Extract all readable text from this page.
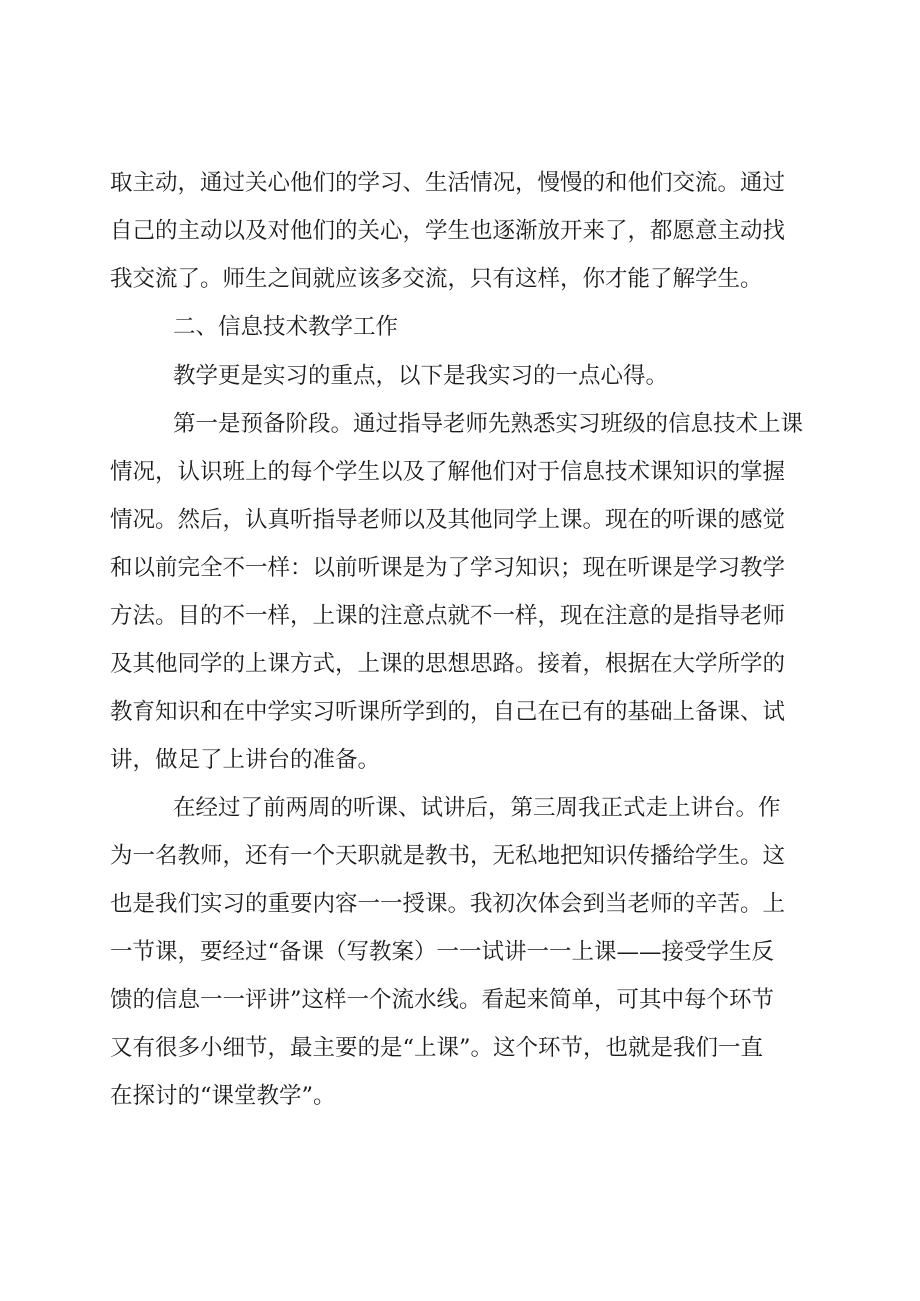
取主动，通过关心他们的学习、生活情况，慢慢的和他们交流。通过
自己的主动以及对他们的关心，学生也逐渐放开来了，都愿意主动找
我交流了。师生之间就应该多交流，只有这样，你才能了解学生。
二、信息技术教学工作
教学更是实习的重点，以下是我实习的一点心得。
第一是预备阶段。通过指导老师先熟悉实习班级的信息技术上课
情况，认识班上的每个学生以及了解他们对于信息技术课知识的掌握
情况。然后，认真听指导老师以及其他同学上课。现在的听课的感觉
和以前完全不一样：以前听课是为了学习知识；现在听课是学习教学
方法。目的不一样，上课的注意点就不一样，现在注意的是指导老师
及其他同学的上课方式，上课的思想思路。接着，根据在大学所学的
教育知识和在中学实习听课所学到的，自己在已有的基础上备课、试
讲，做足了上讲台的准备。
在经过了前两周的听课、试讲后，第三周我正式走上讲台。作
为一名教师，还有一个天职就是教书，无私地把知识传播给学生。这
也是我们实习的重要内容一一授课。我初次体会到当老师的辛苦。上
一节课，要经过“备课（写教案）一一试讲一一上课——接受学生反
馈的信息一一评讲”这样一个流水线。看起来简单，可其中每个环节
又有很多小细节，最主要的是“上课”。这个环节，也就是我们一直
在探讨的“课堂教学”。
